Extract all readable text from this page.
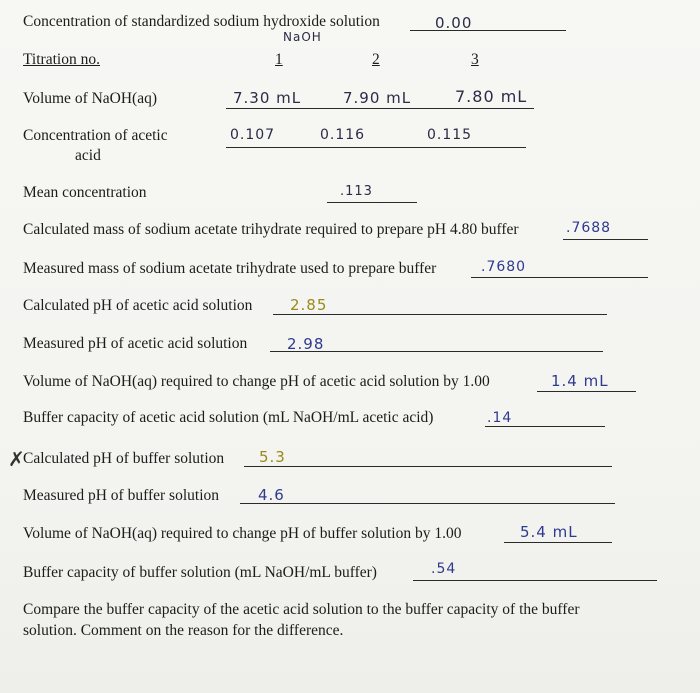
Concentration of standardized sodium hydroxide solution	0.00
NaOH
Titration no.	1	2	3
Volume of NaOH(aq)	7.30 mL	7.90 mL	7.80 mL
Concentration of acetic
acid
0.107	0.116	0.115
Mean concentration	.113
Calculated mass of sodium acetate trihydrate required to prepare pH 4.80 buffer	.7688
Measured mass of sodium acetate trihydrate used to prepare buffer	.7680
Calculated pH of acetic acid solution	2.85
Measured pH of acetic acid solution	2.98
Volume of NaOH(aq) required to change pH of acetic acid solution by 1.00	1.4 mL
Buffer capacity of acetic acid solution (mL NaOH/mL acetic acid)	.14
✗
Calculated pH of buffer solution 5.3
Measured pH of buffer solution	4.6
Volume of NaOH(aq) required to change pH of buffer solution by 1.00	5.4 mL
Buffer capacity of buffer solution (mL NaOH/mL buffer)	.54
Compare the buffer capacity of the acetic acid solution to the buffer capacity of the buffer
solution. Comment on the reason for the difference.
